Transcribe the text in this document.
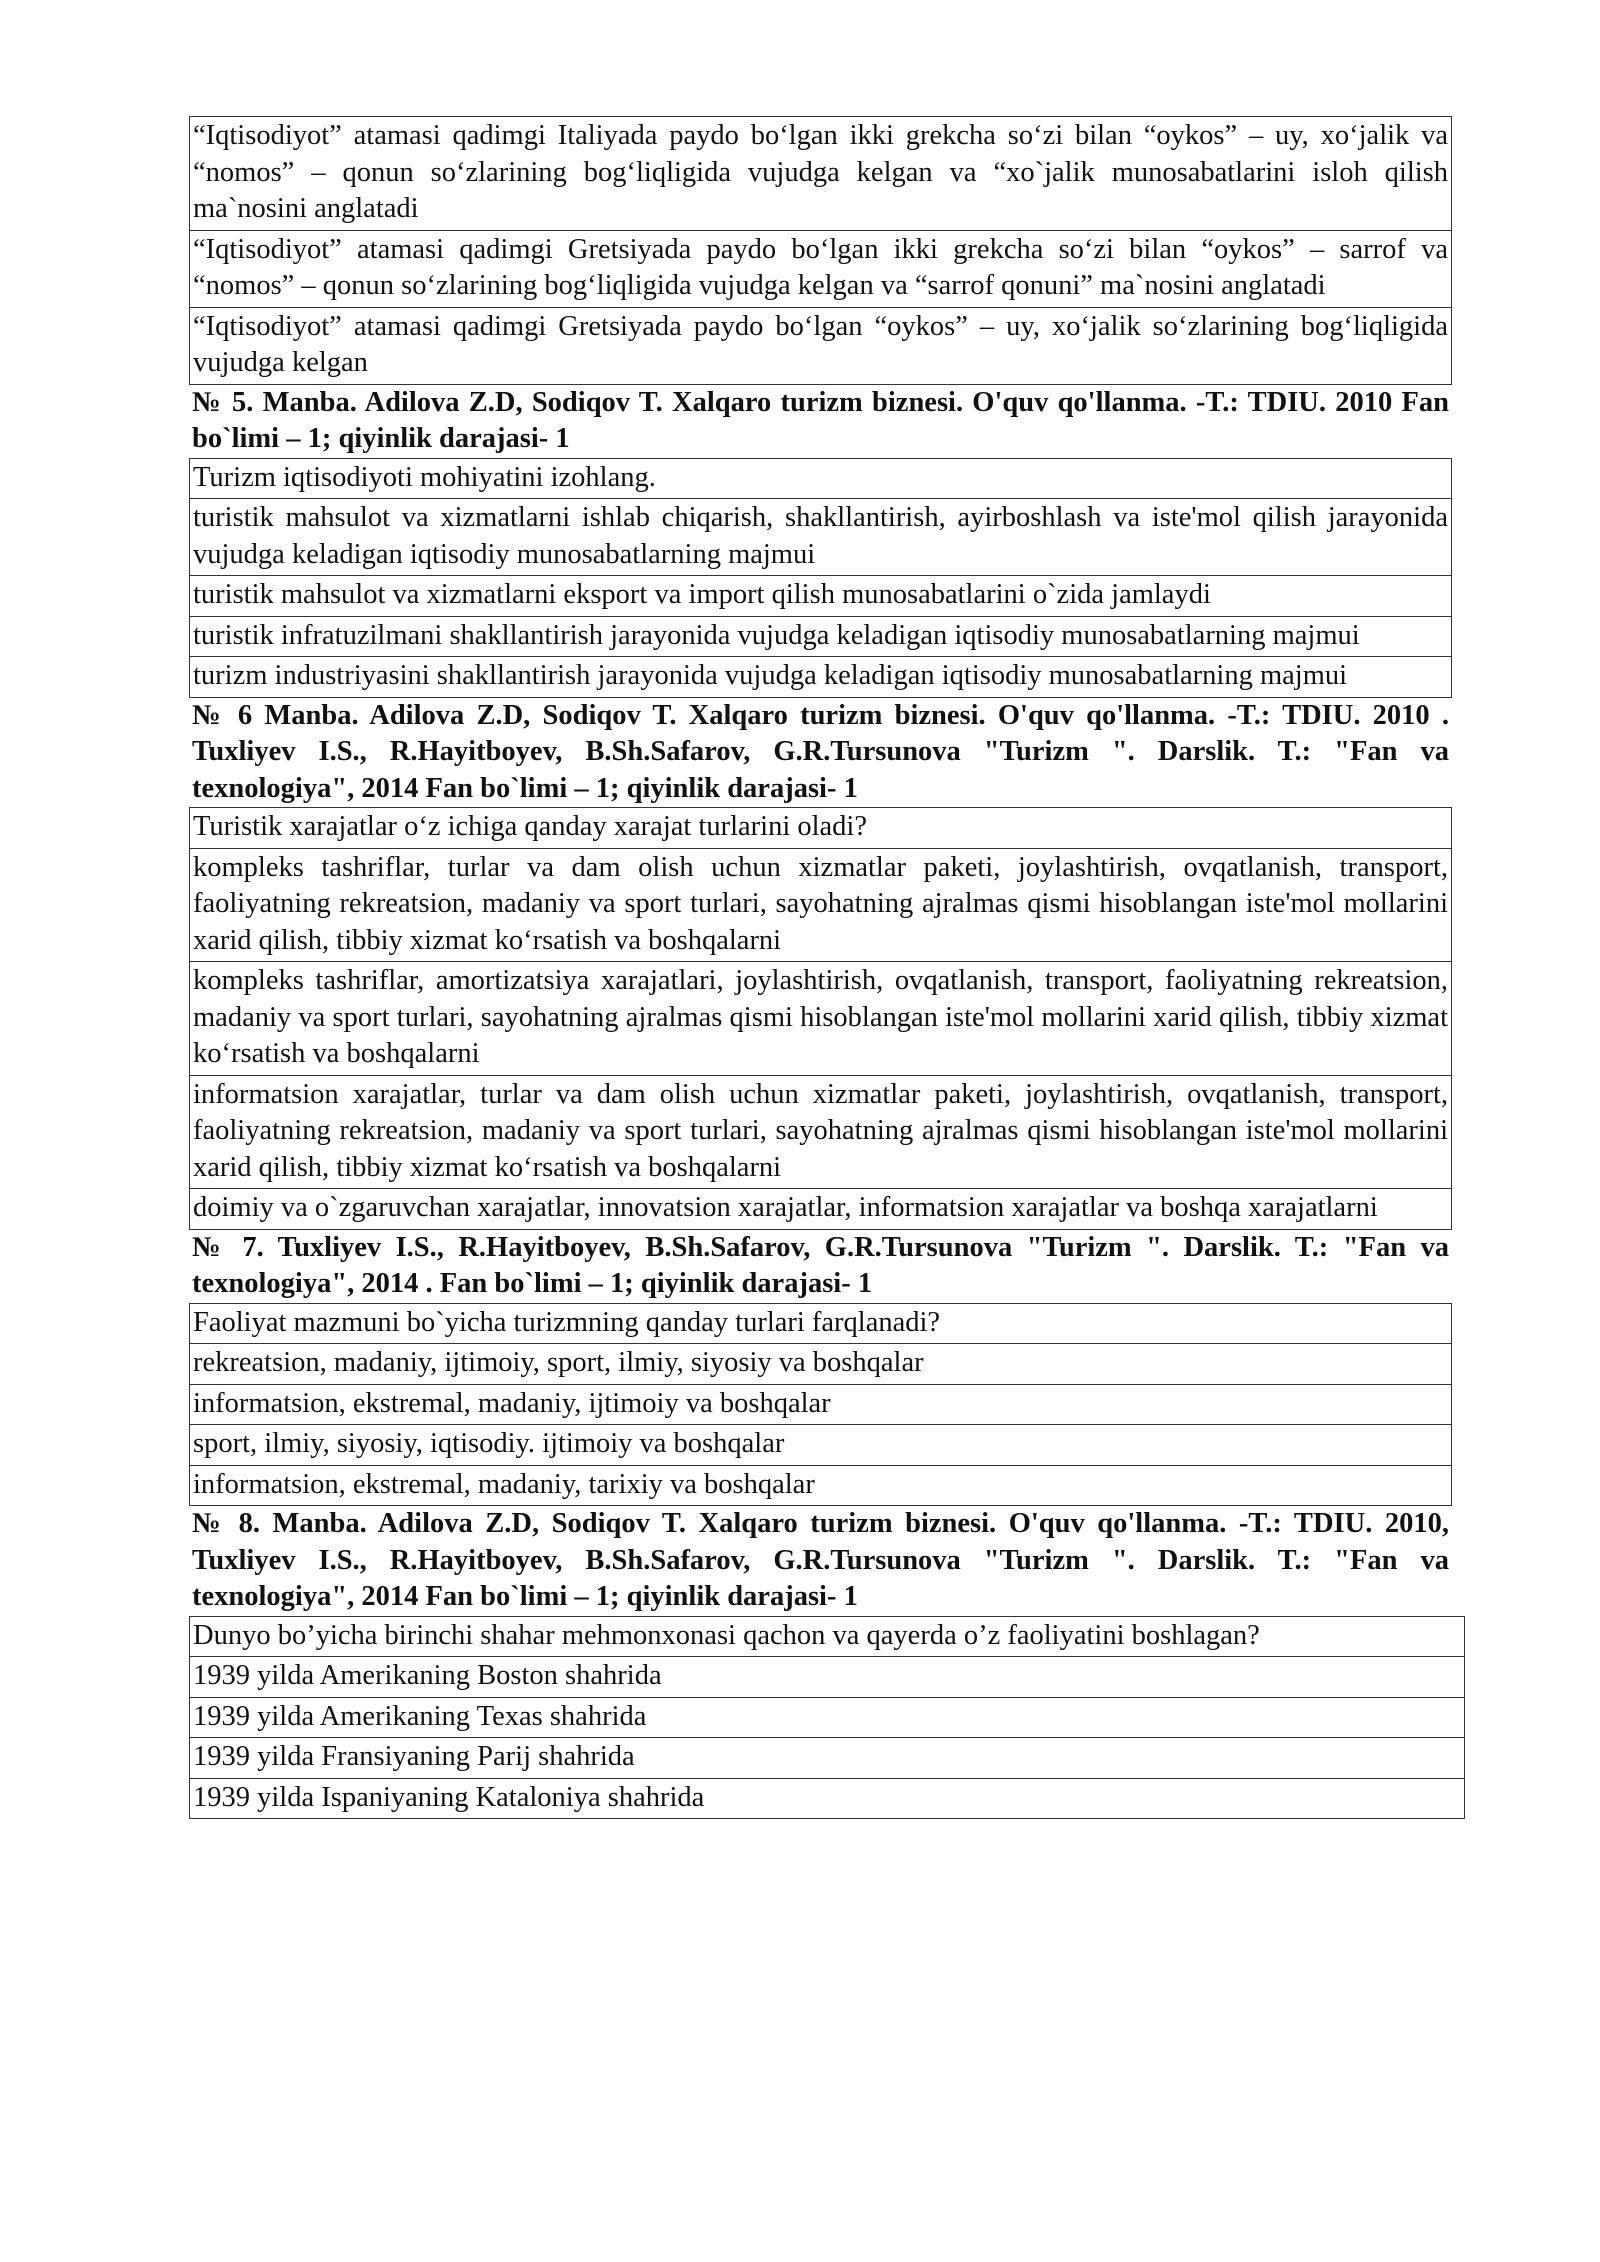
“Iqtisodiyot” atamasi qadimgi Italiyada paydo bo‘lgan ikki grekcha so‘zi bilan “oykos” – uy, xo‘jalik va “nomos” – qonun so‘zlarining bog‘liqligida vujudga kelgan va “xo`jalik munosabatlarini isloh qilish ma`nosini anglatadi
“Iqtisodiyot” atamasi qadimgi Gretsiyada paydo bo‘lgan ikki grekcha so‘zi bilan “oykos” – sarrof va “nomos” – qonun so‘zlarining bog‘liqligida vujudga kelgan va “sarrof qonuni” ma`nosini anglatadi
“Iqtisodiyot” atamasi qadimgi Gretsiyada paydo bo‘lgan “oykos” – uy, xo‘jalik so‘zlarining bog‘liqligida vujudga kelgan
№ 5. Manba. Adilova Z.D, Sodiqov T. Xalqaro turizm biznesi. O'quv qo'llanma. -T.: TDIU. 2010 Fan bo`limi – 1; qiyinlik darajasi- 1
Turizm iqtisodiyoti mohiyatini izohlang.
turistik mahsulot va xizmatlarni ishlab chiqarish, shakllantirish, ayirboshlash va iste'mol qilish jarayonida vujudga keladigan iqtisodiy munosabatlarning majmui
turistik mahsulot va xizmatlarni eksport va import qilish munosabatlarini o`zida jamlaydi
turistik infratuzilmani shakllantirish jarayonida vujudga keladigan iqtisodiy munosabatlarning majmui
turizm industriyasini shakllantirish jarayonida vujudga keladigan iqtisodiy munosabatlarning majmui
№ 6 Manba. Adilova Z.D, Sodiqov T. Xalqaro turizm biznesi. O'quv qo'llanma. -T.: TDIU. 2010 . Tuxliyev I.S., R.Hayitboyev, B.Sh.Safarov, G.R.Tursunova "Turizm ". Darslik. T.: "Fan va texnologiya", 2014 Fan bo`limi – 1; qiyinlik darajasi- 1
Turistik xarajatlar o‘z ichiga qanday xarajat turlarini oladi?
kompleks tashriflar, turlar va dam olish uchun xizmatlar paketi, joylashtirish, ovqatlanish, transport, faoliyatning rekreatsion, madaniy va sport turlari, sayohatning ajralmas qismi hisoblangan iste'mol mollarini xarid qilish, tibbiy xizmat ko‘rsatish va boshqalarni
kompleks tashriflar, amortizatsiya xarajatlari, joylashtirish, ovqatlanish, transport, faoliyatning rekreatsion, madaniy va sport turlari, sayohatning ajralmas qismi hisoblangan iste'mol mollarini xarid qilish, tibbiy xizmat ko‘rsatish va boshqalarni
informatsion xarajatlar, turlar va dam olish uchun xizmatlar paketi, joylashtirish, ovqatlanish, transport, faoliyatning rekreatsion, madaniy va sport turlari, sayohatning ajralmas qismi hisoblangan iste'mol mollarini xarid qilish, tibbiy xizmat ko‘rsatish va boshqalarni
doimiy va o`zgaruvchan xarajatlar, innovatsion xarajatlar, informatsion xarajatlar va boshqa xarajatlarni
№ 7. Tuxliyev I.S., R.Hayitboyev, B.Sh.Safarov, G.R.Tursunova "Turizm ". Darslik. T.: "Fan va texnologiya", 2014 . Fan bo`limi – 1; qiyinlik darajasi- 1
Faoliyat mazmuni bo`yicha turizmning qanday turlari farqlanadi?
rekreatsion, madaniy, ijtimoiy, sport, ilmiy, siyosiy va boshqalar
informatsion, ekstremal, madaniy, ijtimoiy va boshqalar
sport, ilmiy, siyosiy, iqtisodiy. ijtimoiy va boshqalar
informatsion, ekstremal, madaniy, tarixiy va boshqalar
№ 8. Manba. Adilova Z.D, Sodiqov T. Xalqaro turizm biznesi. O'quv qo'llanma. -T.: TDIU. 2010, Tuxliyev I.S., R.Hayitboyev, B.Sh.Safarov, G.R.Tursunova "Turizm ". Darslik. T.: "Fan va texnologiya", 2014 Fan bo`limi – 1; qiyinlik darajasi- 1
Dunyo bo’yicha birinchi shahar mehmonxonasi qachon va qayerda o’z faoliyatini boshlagan?
1939 yilda Amerikaning Boston shahrida
1939 yilda Amerikaning Texas shahrida
1939 yilda Fransiyaning Parij shahrida
1939 yilda Ispaniyaning Kataloniya shahrida
